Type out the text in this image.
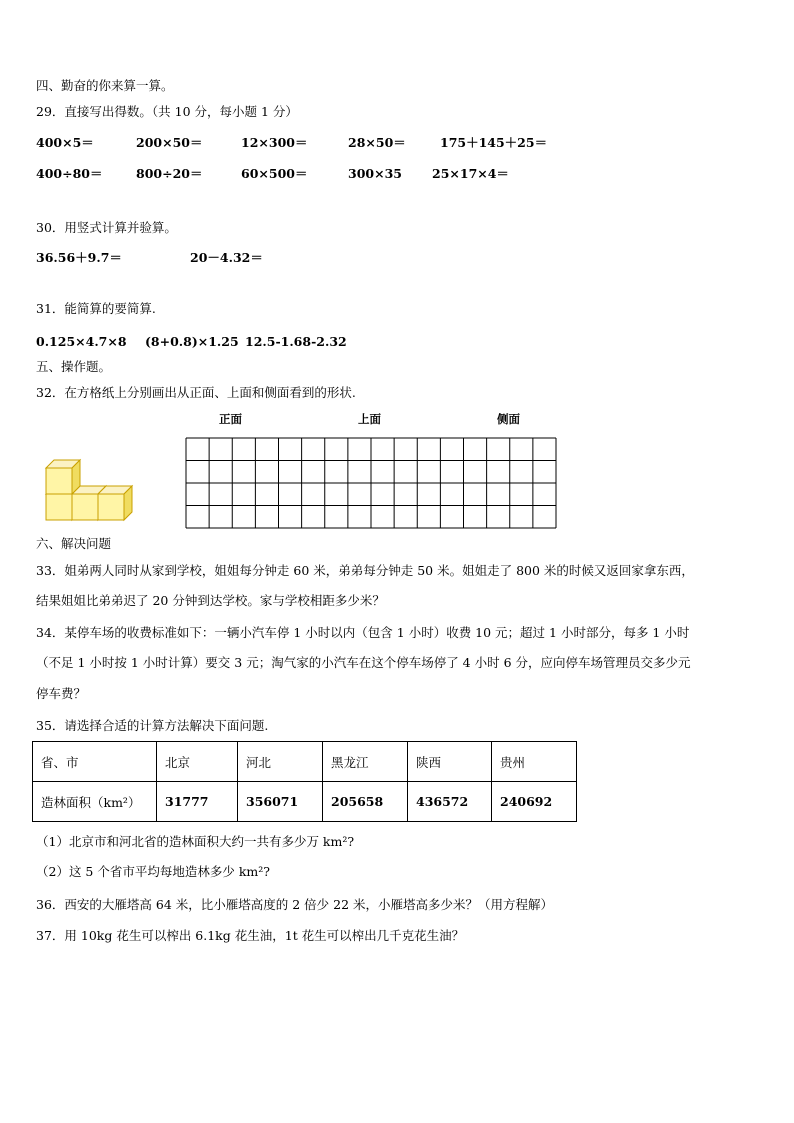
四、勤奋的你来算一算。
29．直接写出得数。（共 10 分，每小题 1 分）
400×5＝	200×50＝	12×300＝	28×50＝	175＋145＋25＝
400÷80＝	800÷20＝	60×500＝	300×35 25×17×4＝
30．用竖式计算并验算。
36.56＋9.7＝	20－4.32＝
31．能简算的要简算.
0.125×4.7×8 (8+0.8)×1.25 12.5-1.68-2.32
五、操作题。
32．在方格纸上分别画出从正面、上面和侧面看到的形状.
正面	上面	侧面
六、解决问题
33．姐弟两人同时从家到学校，姐姐每分钟走 60 米，弟弟每分钟走 50 米。姐姐走了 800 米的时候又返回家拿东西，
结果姐姐比弟弟迟了 20 分钟到达学校。家与学校相距多少米？
34．某停车场的收费标准如下：一辆小汽车停 1 小时以内（包含 1 小时）收费 10 元；超过 1 小时部分，每多 1 小时
（不足 1 小时按 1 小时计算）要交 3 元；淘气家的小汽车在这个停车场停了 4 小时 6 分，应向停车场管理员交多少元
停车费？
35．请选择合适的计算方法解决下面问题.
省、市	北京	河北	黑龙江	陕西	贵州
造林面积（km²）	31777	356071	205658	436572	240692
（1）北京市和河北省的造林面积大约一共有多少万 km²?
（2）这 5 个省市平均每地造林多少 km²?
36．西安的大雁塔高 64 米，比小雁塔高度的 2 倍少 22 米，小雁塔高多少米？（用方程解）
37．用 10kg 花生可以榨出 6.1kg 花生油，1t 花生可以榨出几千克花生油？
